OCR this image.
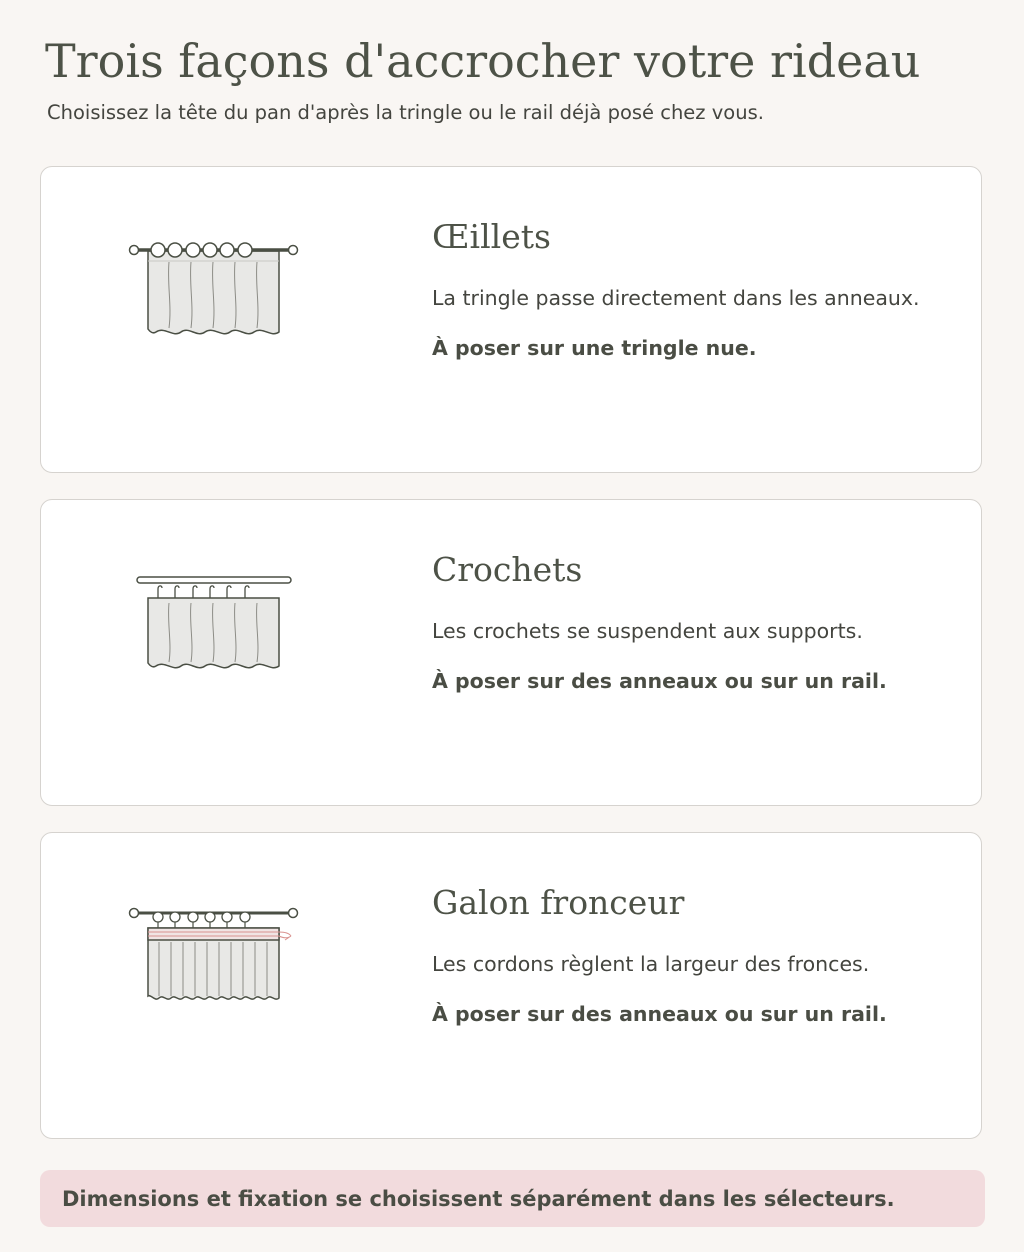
Trois façons d'accrocher votre rideau

Choisissez la tête du pan d'après la tringle ou le rail déjà posé chez vous.

Œillets

La tringle passe directement dans les anneaux.

À poser sur une tringle nue.

Crochets

Les crochets se suspendent aux supports.

À poser sur des anneaux ou sur un rail.

Galon fronceur

Les cordons règlent la largeur des fronces.

À poser sur des anneaux ou sur un rail.

Dimensions et fixation se choisissent séparément dans les sélecteurs.
